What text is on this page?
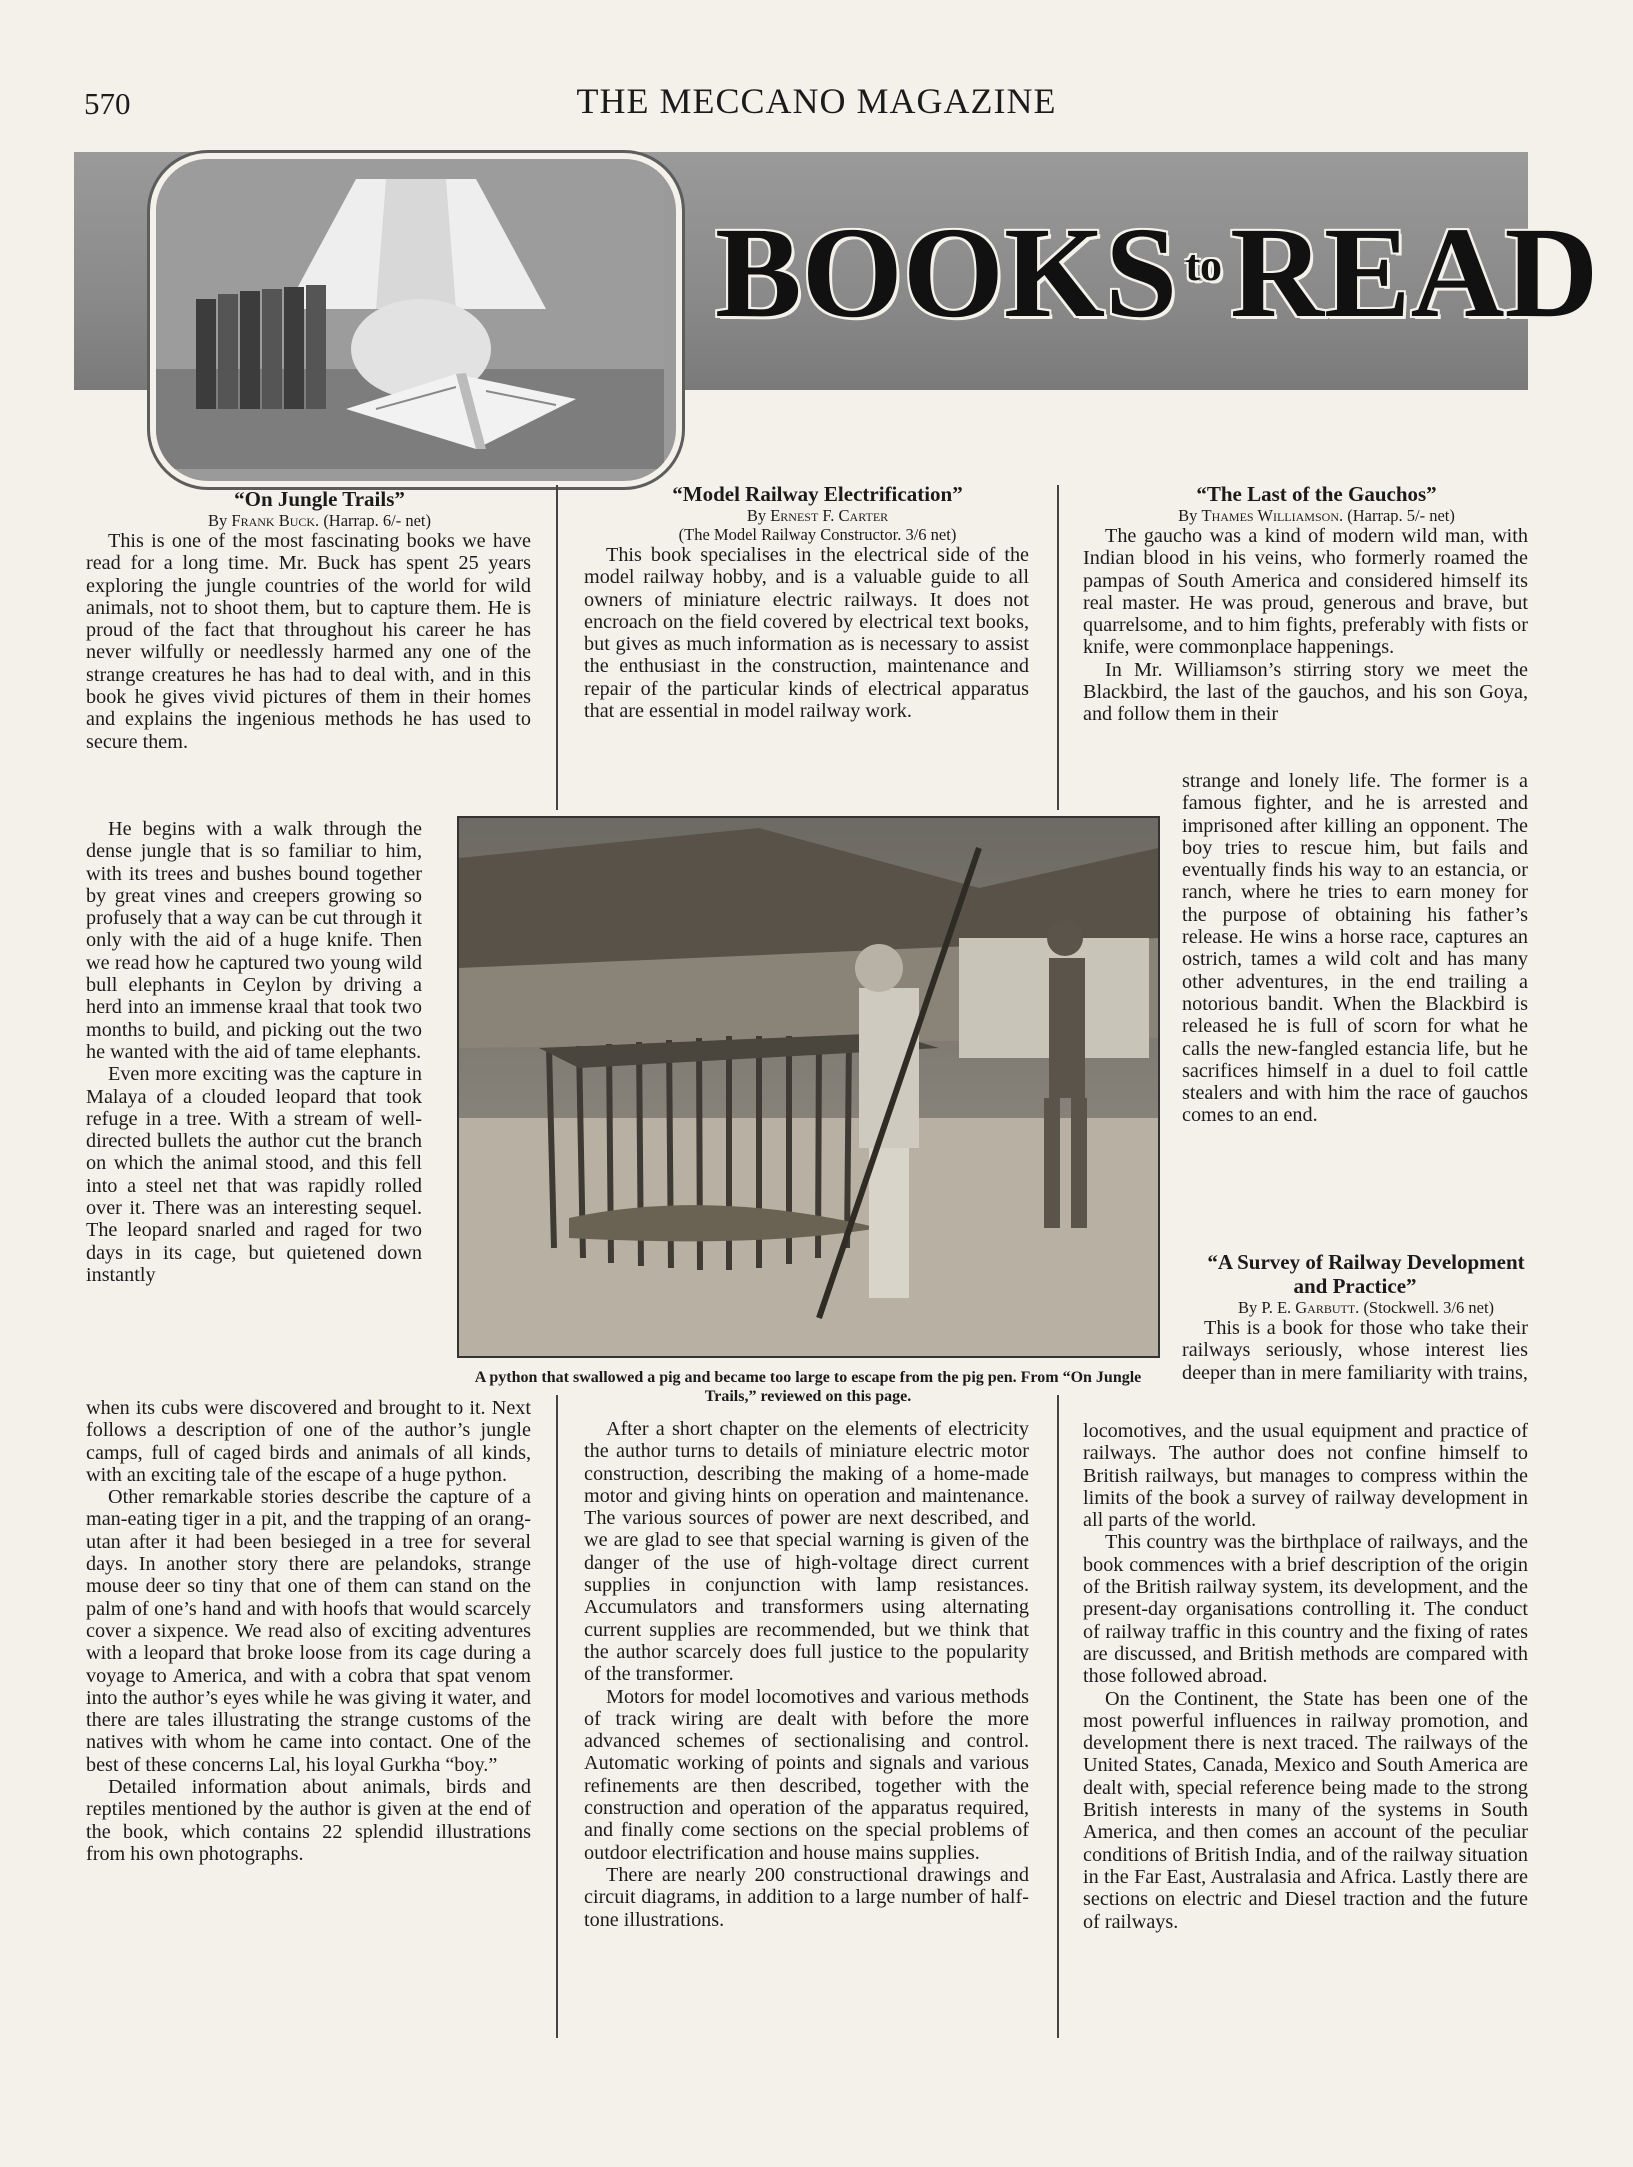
570	THE MECCANO MAGAZINE
BOOKS toREAD

“On Jungle Trails”

By Frank Buck. (Harrap. 6/- net)

This is one of the most fascinating books we have read for a long time. Mr. Buck has spent 25 years exploring the jungle countries of the world for wild animals, not to shoot them, but to capture them. He is proud of the fact that throughout his career he has never wilfully or needlessly harmed any one of the strange creatures he has had to deal with, and in this book he gives vivid pictures of them in their homes and explains the ingenious methods he has used to secure them.

He begins with a walk through the dense jungle that is so familiar to him, with its trees and bushes bound together by great vines and creepers growing so profusely that a way can be cut through it only with the aid of a huge knife. Then we read how he captured two young wild bull elephants in Ceylon by driving a herd into an immense kraal that took two months to build, and picking out the two he wanted with the aid of tame elephants.

Even more exciting was the capture in Malaya of a clouded leopard that took refuge in a tree. With a stream of well-directed bullets the author cut the branch on which the animal stood, and this fell into a steel net that was rapidly rolled over it. There was an interesting sequel. The leopard snarled and raged for two days in its cage, but quietened down instantly

when its cubs were discovered and brought to it. Next follows a description of one of the author’s jungle camps, full of caged birds and animals of all kinds, with an exciting tale of the escape of a huge python.

Other remarkable stories describe the capture of a man-eating tiger in a pit, and the trapping of an orang-utan after it had been besieged in a tree for several days. In another story there are pelandoks, strange mouse deer so tiny that one of them can stand on the palm of one’s hand and with hoofs that would scarcely cover a sixpence. We read also of exciting adventures with a leopard that broke loose from its cage during a voyage to America, and with a cobra that spat venom into the author’s eyes while he was giving it water, and there are tales illustrating the strange customs of the natives with whom he came into contact. One of the best of these concerns Lal, his loyal Gurkha “boy.”

Detailed information about animals, birds and reptiles mentioned by the author is given at the end of the book, which contains 22 splendid illustrations from his own photographs.

“Model Railway Electrification”

By Ernest F. Carter

(The Model Railway Constructor. 3/6 net)

This book specialises in the electrical side of the model railway hobby, and is a valuable guide to all owners of miniature electric railways. It does not encroach on the field covered by electrical text books, but gives as much information as is necessary to assist the enthusiast in the construction, maintenance and repair of the particular kinds of electrical apparatus that are essential in model railway work.

After a short chapter on the elements of electricity the author turns to details of miniature electric motor construction, describing the making of a home-made motor and giving hints on operation and maintenance. The various sources of power are next described, and we are glad to see that special warning is given of the danger of the use of high-voltage direct current supplies in conjunction with lamp resistances. Accumulators and transformers using alternating current supplies are recommended, but we think that the author scarcely does full justice to the popularity of the transformer.

Motors for model locomotives and various methods of track wiring are dealt with before the more advanced schemes of sectionalising and control. Automatic working of points and signals and various refinements are then described, together with the construction and operation of the apparatus required, and finally come sections on the special problems of outdoor electrification and house mains supplies.

There are nearly 200 constructional drawings and circuit diagrams, in addition to a large number of half-tone illustrations.

“The Last of the Gauchos”

By Thames Williamson. (Harrap. 5/- net)

The gaucho was a kind of modern wild man, with Indian blood in his veins, who formerly roamed the pampas of South America and considered himself its real master. He was proud, generous and brave, but quarrelsome, and to him fights, preferably with fists or knife, were commonplace happenings.

In Mr. Williamson’s stirring story we meet the Blackbird, the last of the gauchos, and his son Goya, and follow them in their

strange and lonely life. The former is a famous fighter, and he is arrested and imprisoned after killing an opponent. The boy tries to rescue him, but fails and eventually finds his way to an estancia, or ranch, where he tries to earn money for the purpose of obtaining his father’s release. He wins a horse race, captures an ostrich, tames a wild colt and has many other adventures, in the end trailing a notorious bandit. When the Blackbird is released he is full of scorn for what he calls the new-fangled estancia life, but he sacrifices himself in a duel to foil cattle stealers and with him the race of gauchos comes to an end.

“A Survey of Railway Development and Practice”

By P. E. Garbutt. (Stockwell. 3/6 net)

This is a book for those who take their railways seriously, whose interest lies deeper than in mere familiarity with trains,

locomotives, and the usual equipment and practice of railways. The author does not confine himself to British railways, but manages to compress within the limits of the book a survey of railway development in all parts of the world.

This country was the birthplace of railways, and the book commences with a brief description of the origin of the British railway system, its development, and the present-day organisations controlling it. The conduct of railway traffic in this country and the fixing of rates are discussed, and British methods are compared with those followed abroad.

On the Continent, the State has been one of the most powerful influences in railway promotion, and development there is next traced. The railways of the United States, Canada, Mexico and South America are dealt with, special reference being made to the strong British interests in many of the systems in South America, and then comes an account of the peculiar conditions of British India, and of the railway situation in the Far East, Australasia and Africa. Lastly there are sections on electric and Diesel traction and the future of railways.

A python that swallowed a pig and became too large to escape from the pig pen. From “On Jungle Trails,” reviewed on this page.
